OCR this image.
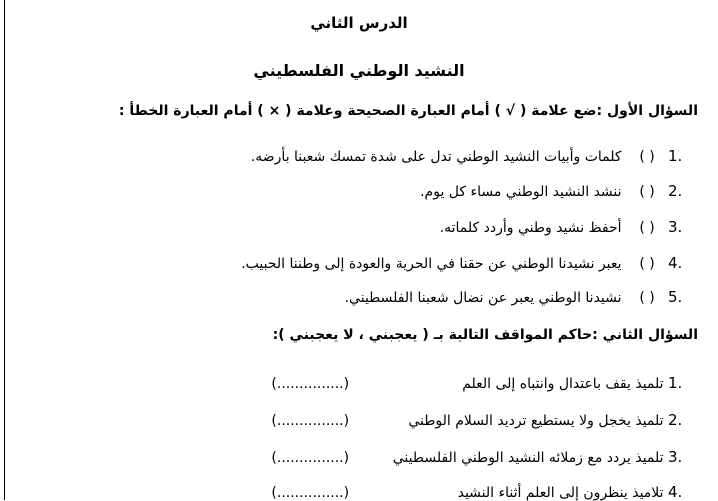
الدرس الثاني
النشيد الوطني الفلسطيني
السؤال الأول :ضع علامة ( √ ) أمام العبارة الصحيحة وعلامة ( × ) أمام العبارة الخطأ :
.1( ) كلمات وأبيات النشيد الوطني تدل على شدة تمسك شعبنا بأرضه.
.2( ) ننشد النشيد الوطني مساء كل يوم.
.3( ) أحفظ نشيد وطني وأردد كلماته.
.4( ) يعبر نشيدنا الوطني عن حقنا في الحرية والعودة إلى وطننا الحبيب.
.5( ) نشيدنا الوطني يعبر عن نضال شعبنا الفلسطيني.
السؤال الثاني :حاكم المواقف التالية بـ ( يعجبني ، لا يعجبني ):
.1 تلميذ يقف باعتدال وانتباه إلى العلم (...............)
.2 تلميذ يخجل ولا يستطيع ترديد السلام الوطني (...............)
.3 تلميذ يردد مع زملائه النشيد الوطني الفلسطيني (...............)
.4 تلاميذ ينظرون إلى العلم أثناء النشيد (...............)
